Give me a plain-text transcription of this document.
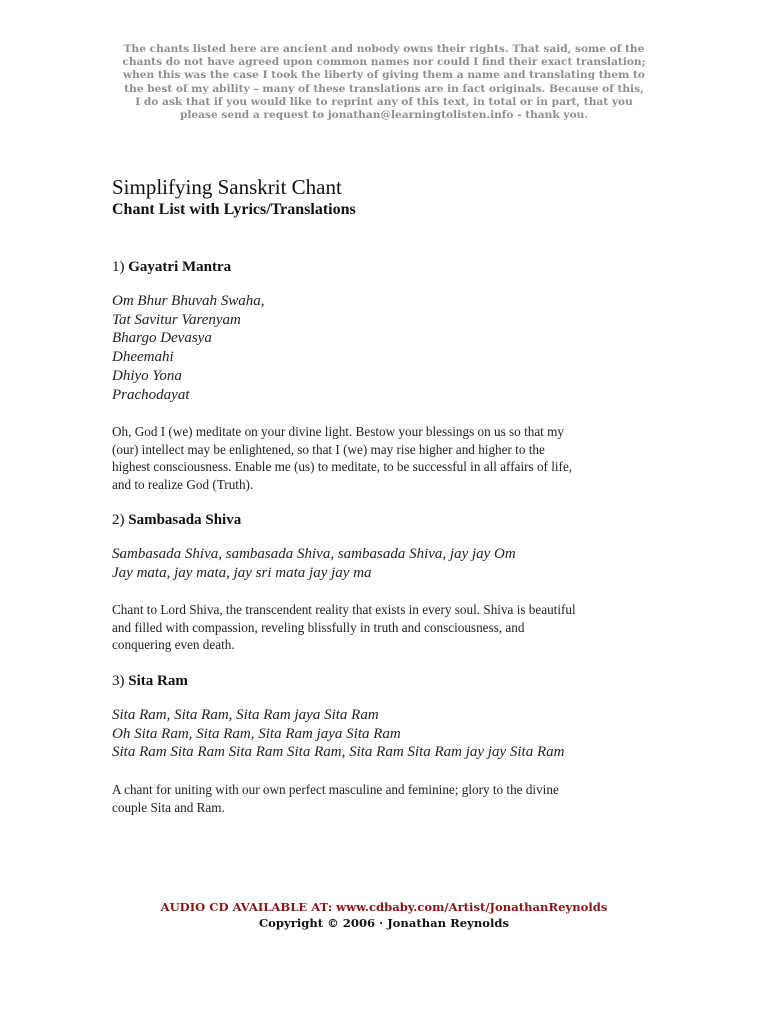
The chants listed here are ancient and nobody owns their rights. That said, some of the
chants do not have agreed upon common names nor could I find their exact translation;
when this was the case I took the liberty of giving them a name and translating them to
the best of my ability – many of these translations are in fact originals. Because of this,
I do ask that if you would like to reprint any of this text, in total or in part, that you
please send a request to jonathan@learningtolisten.info - thank you.
Simplifying Sanskrit Chant
Chant List with Lyrics/Translations
1) Gayatri Mantra
Om Bhur Bhuvah Swaha,
Tat Savitur Varenyam
Bhargo Devasya
Dheemahi
Dhiyo Yona
Prachodayat
Oh, God I (we) meditate on your divine light. Bestow your blessings on us so that my
(our) intellect may be enlightened, so that I (we) may rise higher and higher to the
highest consciousness. Enable me (us) to meditate, to be successful in all affairs of life,
and to realize God (Truth).
2) Sambasada Shiva
Sambasada Shiva, sambasada Shiva, sambasada Shiva, jay jay Om
Jay mata, jay mata, jay sri mata jay jay ma
Chant to Lord Shiva, the transcendent reality that exists in every soul. Shiva is beautiful
and filled with compassion, reveling blissfully in truth and consciousness, and
conquering even death.
3) Sita Ram
Sita Ram, Sita Ram, Sita Ram jaya Sita Ram
Oh Sita Ram, Sita Ram, Sita Ram jaya Sita Ram
Sita Ram Sita Ram Sita Ram Sita Ram, Sita Ram Sita Ram jay jay Sita Ram
A chant for uniting with our own perfect masculine and feminine; glory to the divine
couple Sita and Ram.
AUDIO CD AVAILABLE AT: www.cdbaby.com/Artist/JonathanReynolds
Copyright © 2006 · Jonathan Reynolds
